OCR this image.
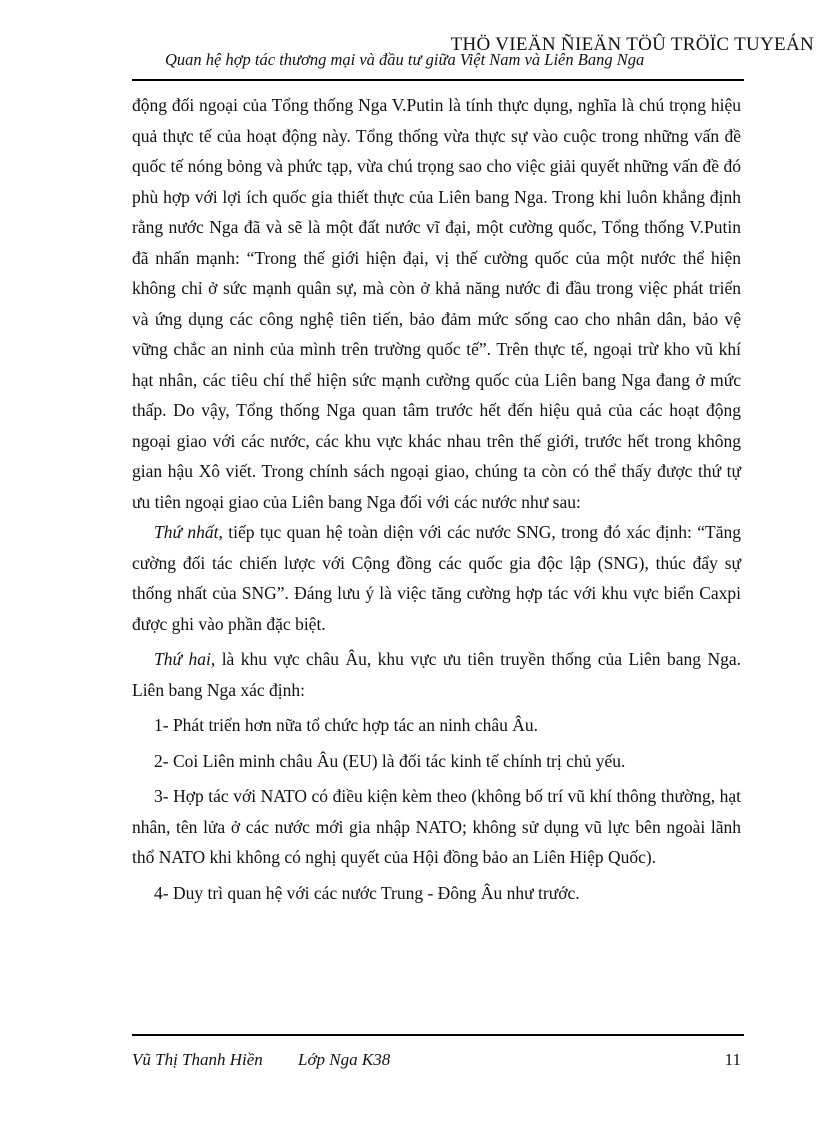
THÖ VIEÄN ÑIEÄN TÖÛ TRÖÏC TUYEÁN
Quan hệ hợp tác thương mại và đầu tư giữa Việt Nam và Liên Bang Nga

động đối ngoại của Tổng thống Nga V.Putin là tính thực dụng, nghĩa là chú trọng hiệu quả thực tế của hoạt động này. Tổng thống vừa thực sự vào cuộc trong những vấn đề quốc tế nóng bỏng và phức tạp, vừa chú trọng sao cho việc giải quyết những vấn đề đó phù hợp với lợi ích quốc gia thiết thực của Liên bang Nga. Trong khi luôn khẳng định rằng nước Nga đã và sẽ là một đất nước vĩ đại, một cường quốc, Tổng thống V.Putin đã nhấn mạnh: “Trong thế giới hiện đại, vị thế cường quốc của một nước thể hiện không chỉ ở sức mạnh quân sự, mà còn ở khả năng nước đi đầu trong việc phát triển và ứng dụng các công nghệ tiên tiến, bảo đảm mức sống cao cho nhân dân, bảo vệ vững chắc an ninh của mình trên trường quốc tế”. Trên thực tế, ngoại trừ kho vũ khí hạt nhân, các tiêu chí thể hiện sức mạnh cường quốc của Liên bang Nga đang ở mức thấp. Do vậy, Tổng thống Nga quan tâm trước hết đến hiệu quả của các hoạt động ngoại giao với các nước, các khu vực khác nhau trên thế giới, trước hết trong không gian hậu Xô viết. Trong chính sách ngoại giao, chúng ta còn có thể thấy được thứ tự ưu tiên ngoại giao của Liên bang Nga đối với các nước như sau:

Thứ nhất, tiếp tục quan hệ toàn diện với các nước SNG, trong đó xác định: “Tăng cường đối tác chiến lược với Cộng đồng các quốc gia độc lập (SNG), thúc đẩy sự thống nhất của SNG”. Đáng lưu ý là việc tăng cường hợp tác với khu vực biển Caxpi được ghi vào phần đặc biệt.

Thứ hai, là khu vực châu Âu, khu vực ưu tiên truyền thống của Liên bang Nga. Liên bang Nga xác định:

1- Phát triển hơn nữa tổ chức hợp tác an ninh châu Âu.

2- Coi Liên minh châu Âu (EU) là đối tác kinh tế chính trị chủ yếu.

3- Hợp tác với NATO có điều kiện kèm theo (không bố trí vũ khí thông thường, hạt nhân, tên lửa ở các nước mới gia nhập NATO; không sử dụng vũ lực bên ngoài lãnh thổ NATO khi không có nghị quyết của Hội đồng bảo an Liên Hiệp Quốc).

4- Duy trì quan hệ với các nước Trung - Đông Âu như trước.

Vũ Thị Thanh Hiền Lớp Nga K38	11
